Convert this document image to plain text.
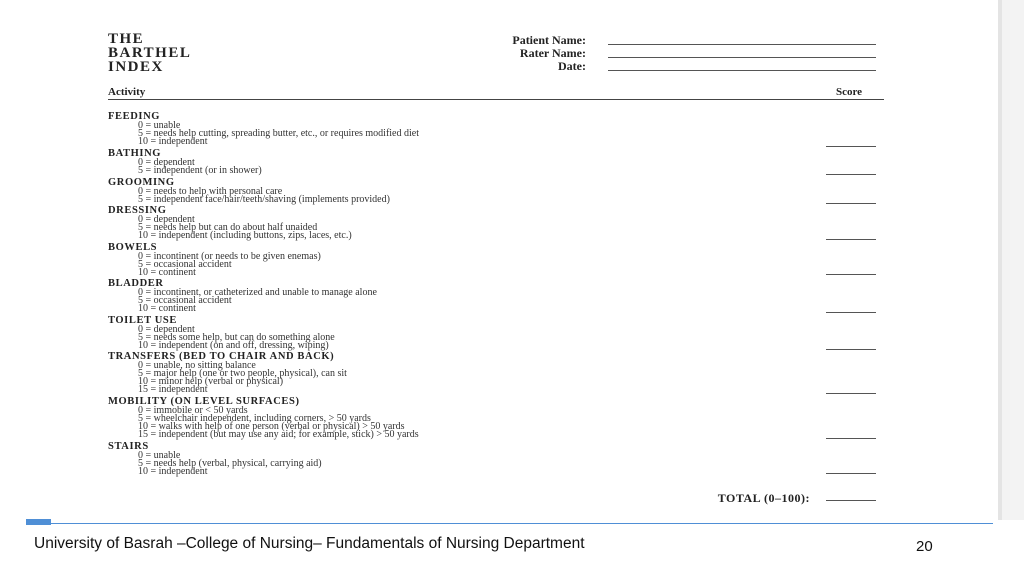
THE
BARTHEL
INDEX
Patient Name:
Rater Name:
Date:
Activity	Score
FEEDING
0 = unable
5 = needs help cutting, spreading butter, etc., or requires modified diet
10 = independent
BATHING
0 = dependent
5 = independent (or in shower)
GROOMING
0 = needs to help with personal care
5 = independent face/hair/teeth/shaving (implements provided)
DRESSING
0 = dependent
5 = needs help but can do about half unaided
10 = independent (including buttons, zips, laces, etc.)
BOWELS
0 = incontinent (or needs to be given enemas)
5 = occasional accident
10 = continent
BLADDER
0 = incontinent, or catheterized and unable to manage alone
5 = occasional accident
10 = continent
TOILET USE
0 = dependent
5 = needs some help, but can do something alone
10 = independent (on and off, dressing, wiping)
TRANSFERS (BED TO CHAIR AND BACK)
0 = unable, no sitting balance
5 = major help (one or two people, physical), can sit
10 = minor help (verbal or physical)
15 = independent
MOBILITY (ON LEVEL SURFACES)
0 = immobile or < 50 yards
5 = wheelchair independent, including corners, > 50 yards
10 = walks with help of one person (verbal or physical) > 50 yards
15 = independent (but may use any aid; for example, stick) > 50 yards
STAIRS
0 = unable
5 = needs help (verbal, physical, carrying aid)
10 = independent
TOTAL (0–100):
University of Basrah –College of Nursing– Fundamentals of Nursing Department	20
